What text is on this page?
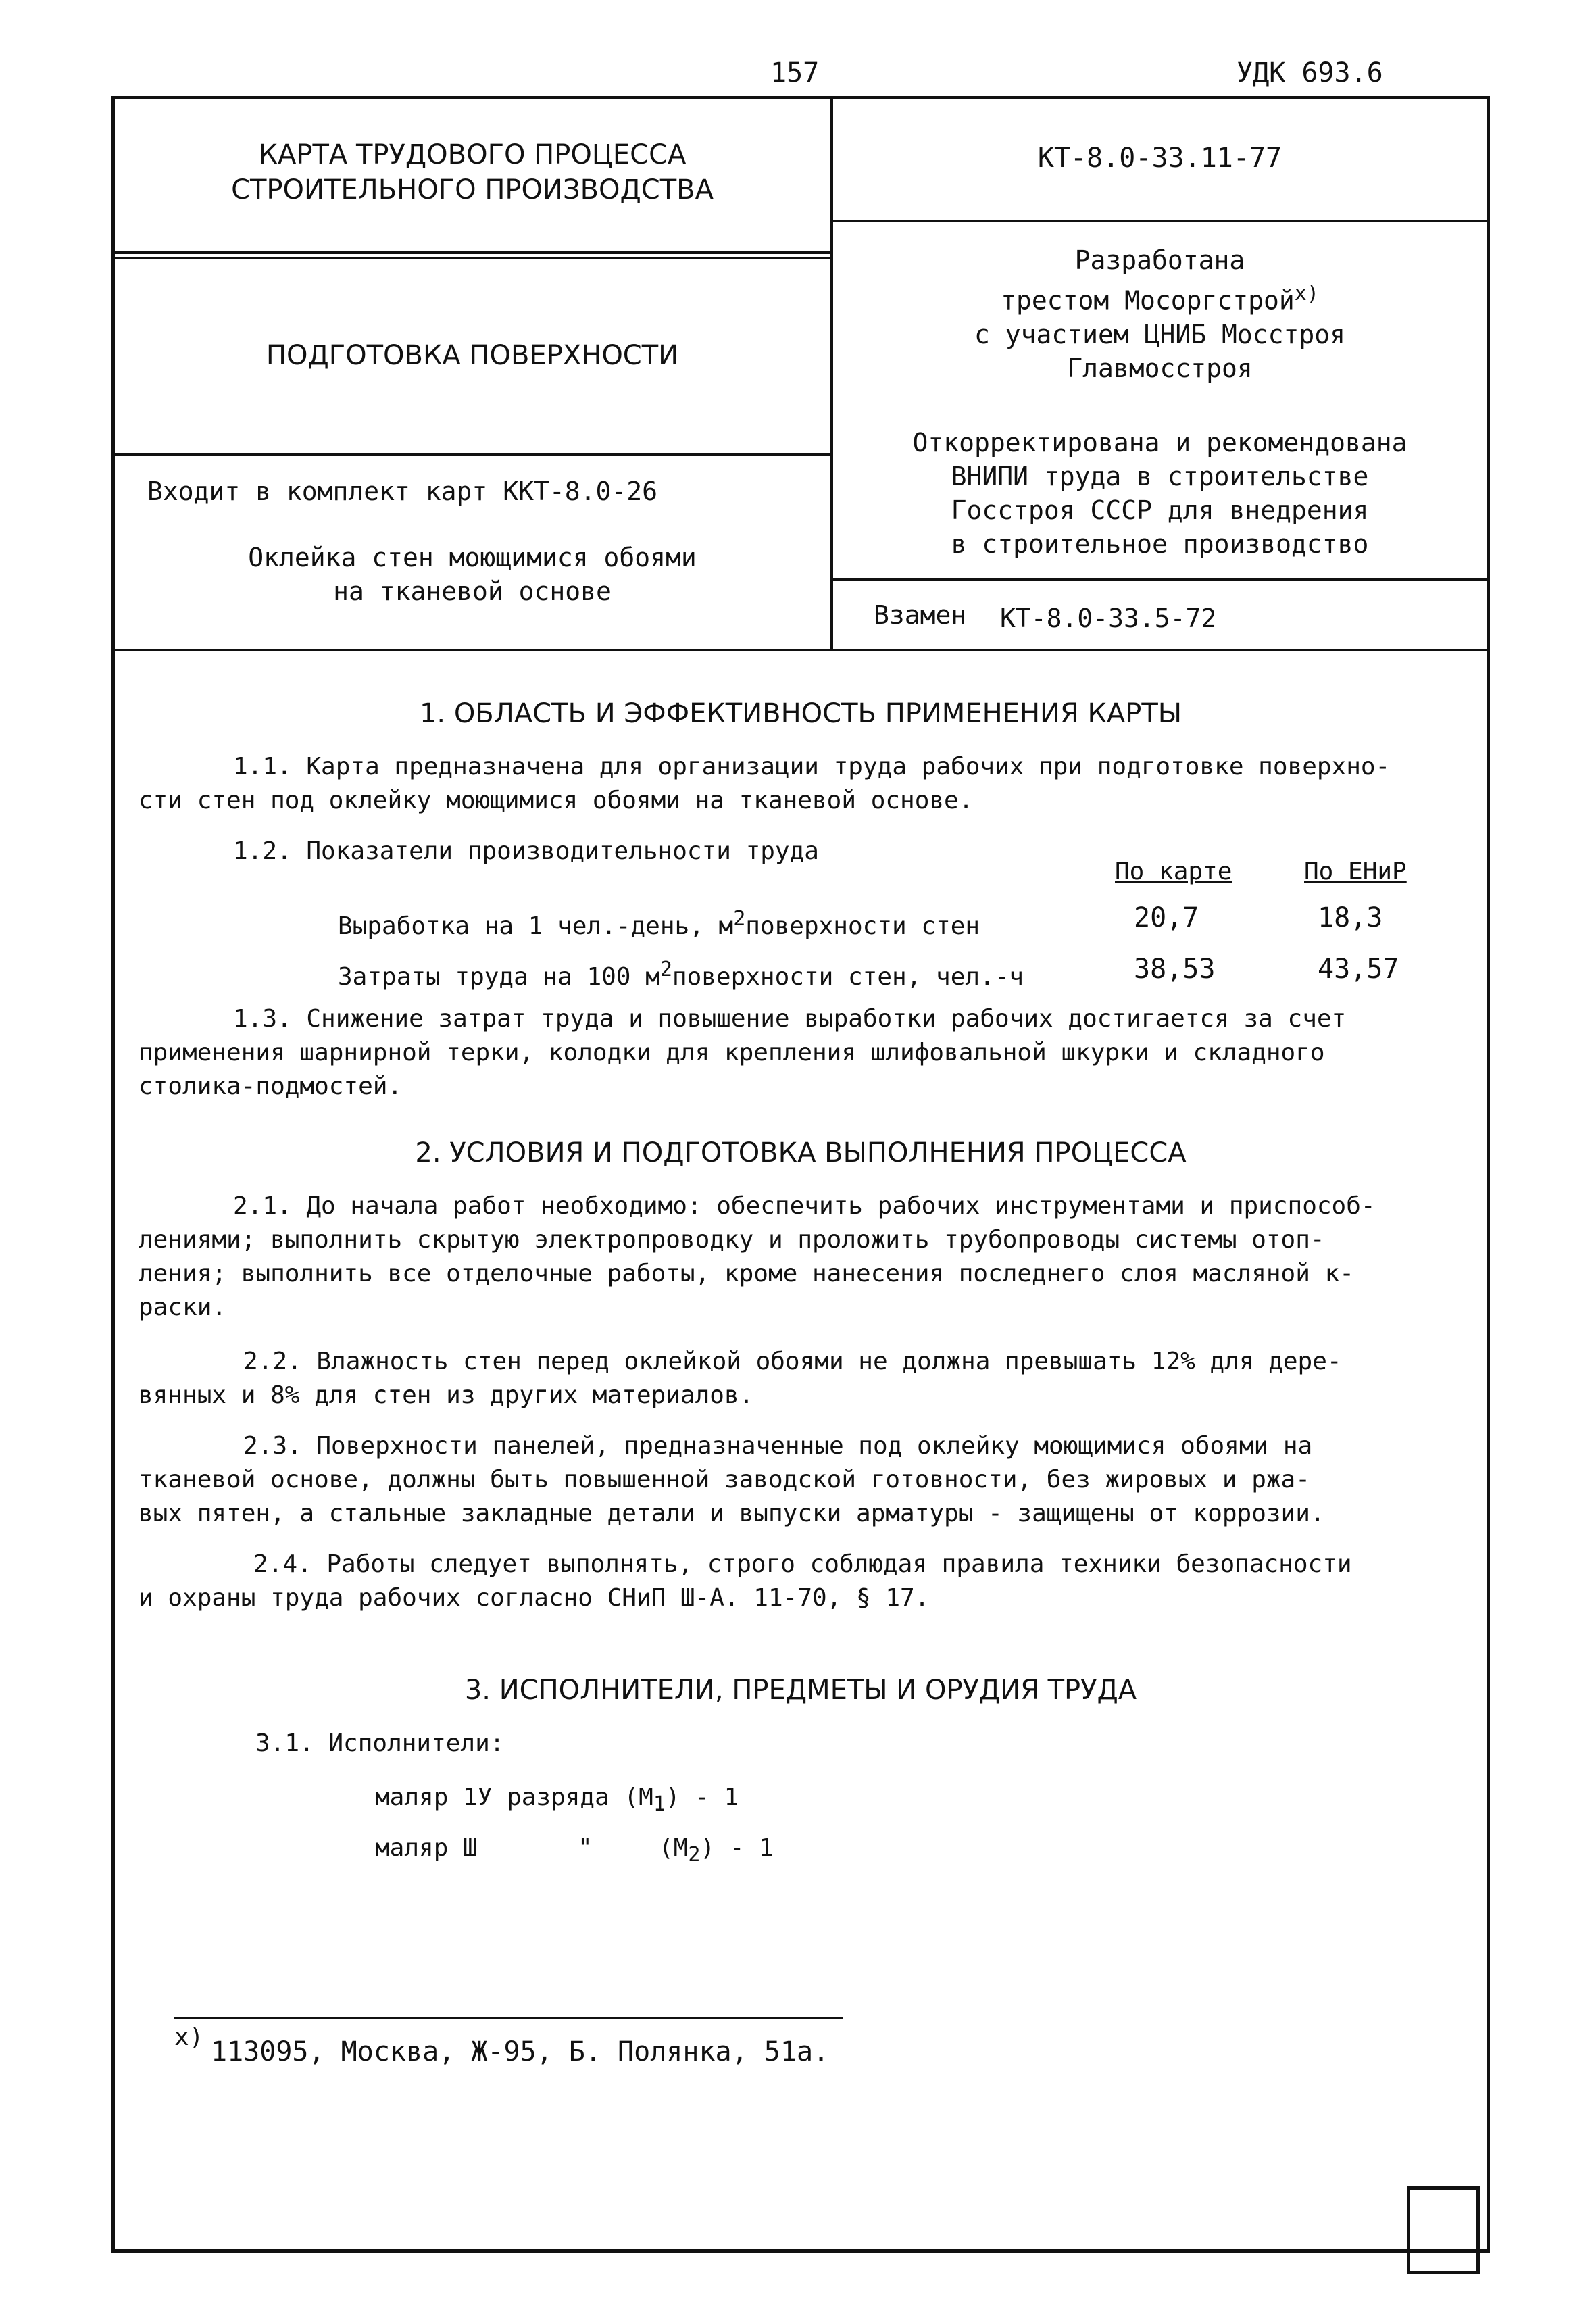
157	УДК 693.6

КАРТА ТРУДОВОГО ПРОЦЕССА

СТРОИТЕЛЬНОГО ПРОИЗВОДСТВА

КТ-8.0-33.11-77
ПОДГОТОВКА ПОВЕРХНОСТИ

Разработана

трестом Мосоргстрой$^{x)}$

с участием ЦНИБ Мосстроя

Главмосстроя

Откорректирована и рекомендована

ВНИПИ труда в строительстве

Госстроя СССР для внедрения

в строительное производство

Входит в комплект карт ККТ-8.0-26

Оклейка стен моющимися обоями

на тканевой основе

Взамен КТ-8.0-33.5-72
1. ОБЛАСТЬ И ЭФФЕКТИВНОСТЬ ПРИМЕНЕНИЯ КАРТЫ
1.1. Карта предназначена для организации труда рабочих при подготовке поверхно-
сти стен под оклейку моющимися обоями на тканевой основе.
1.2. Показатели производительности труда
По карте	По ЕНиР
Выработка на 1 чел.-день, $м^2поверхности$ стен	20,7	18,3
Затраты труда на 100 $м^2поверхности$ стен, чел.-ч	38,53	43,57
1.3. Снижение затрат труда и повышение выработки рабочих достигается за счет
применения шарнирной терки, колодки для крепления шлифовальной шкурки и складного
столика-подмостей.
2. УСЛОВИЯ И ПОДГОТОВКА ВЫПОЛНЕНИЯ ПРОЦЕССА
2.1. До начала работ необходимо: обеспечить рабочих инструментами и приспособ-
лениями; выполнить скрытую электропроводку и проложить трубопроводы системы отоп-
ления; выполнить все отделочные работы, кроме нанесения последнего слоя масляной к-
раски.
2.2. Влажность стен перед оклейкой обоями не должна превышать 12% для дере-
вянных и 8% для стен из других материалов.
2.3. Поверхности панелей, предназначенные под оклейку моющимися обоями на
тканевой основе, должны быть повышенной заводской готовности, без жировых и ржа-
вых пятен, а стальные закладные детали и выпуски арматуры - защищены от коррозии.
2.4. Работы следует выполнять, строго соблюдая правила техники безопасности
и охраны труда рабочих согласно СНиП Ш-А. 11-70, § 17.
3. ИСПОЛНИТЕЛИ, ПРЕДМЕТЫ И ОРУДИЯ ТРУДА
3.1. Исполнители:
маляр 1У разряда $(М_1) - 1$
маляр Ш	"	$(М_2) - 1$
x) 113095, Москва, Ж-95, Б. Полянка, 51а.
